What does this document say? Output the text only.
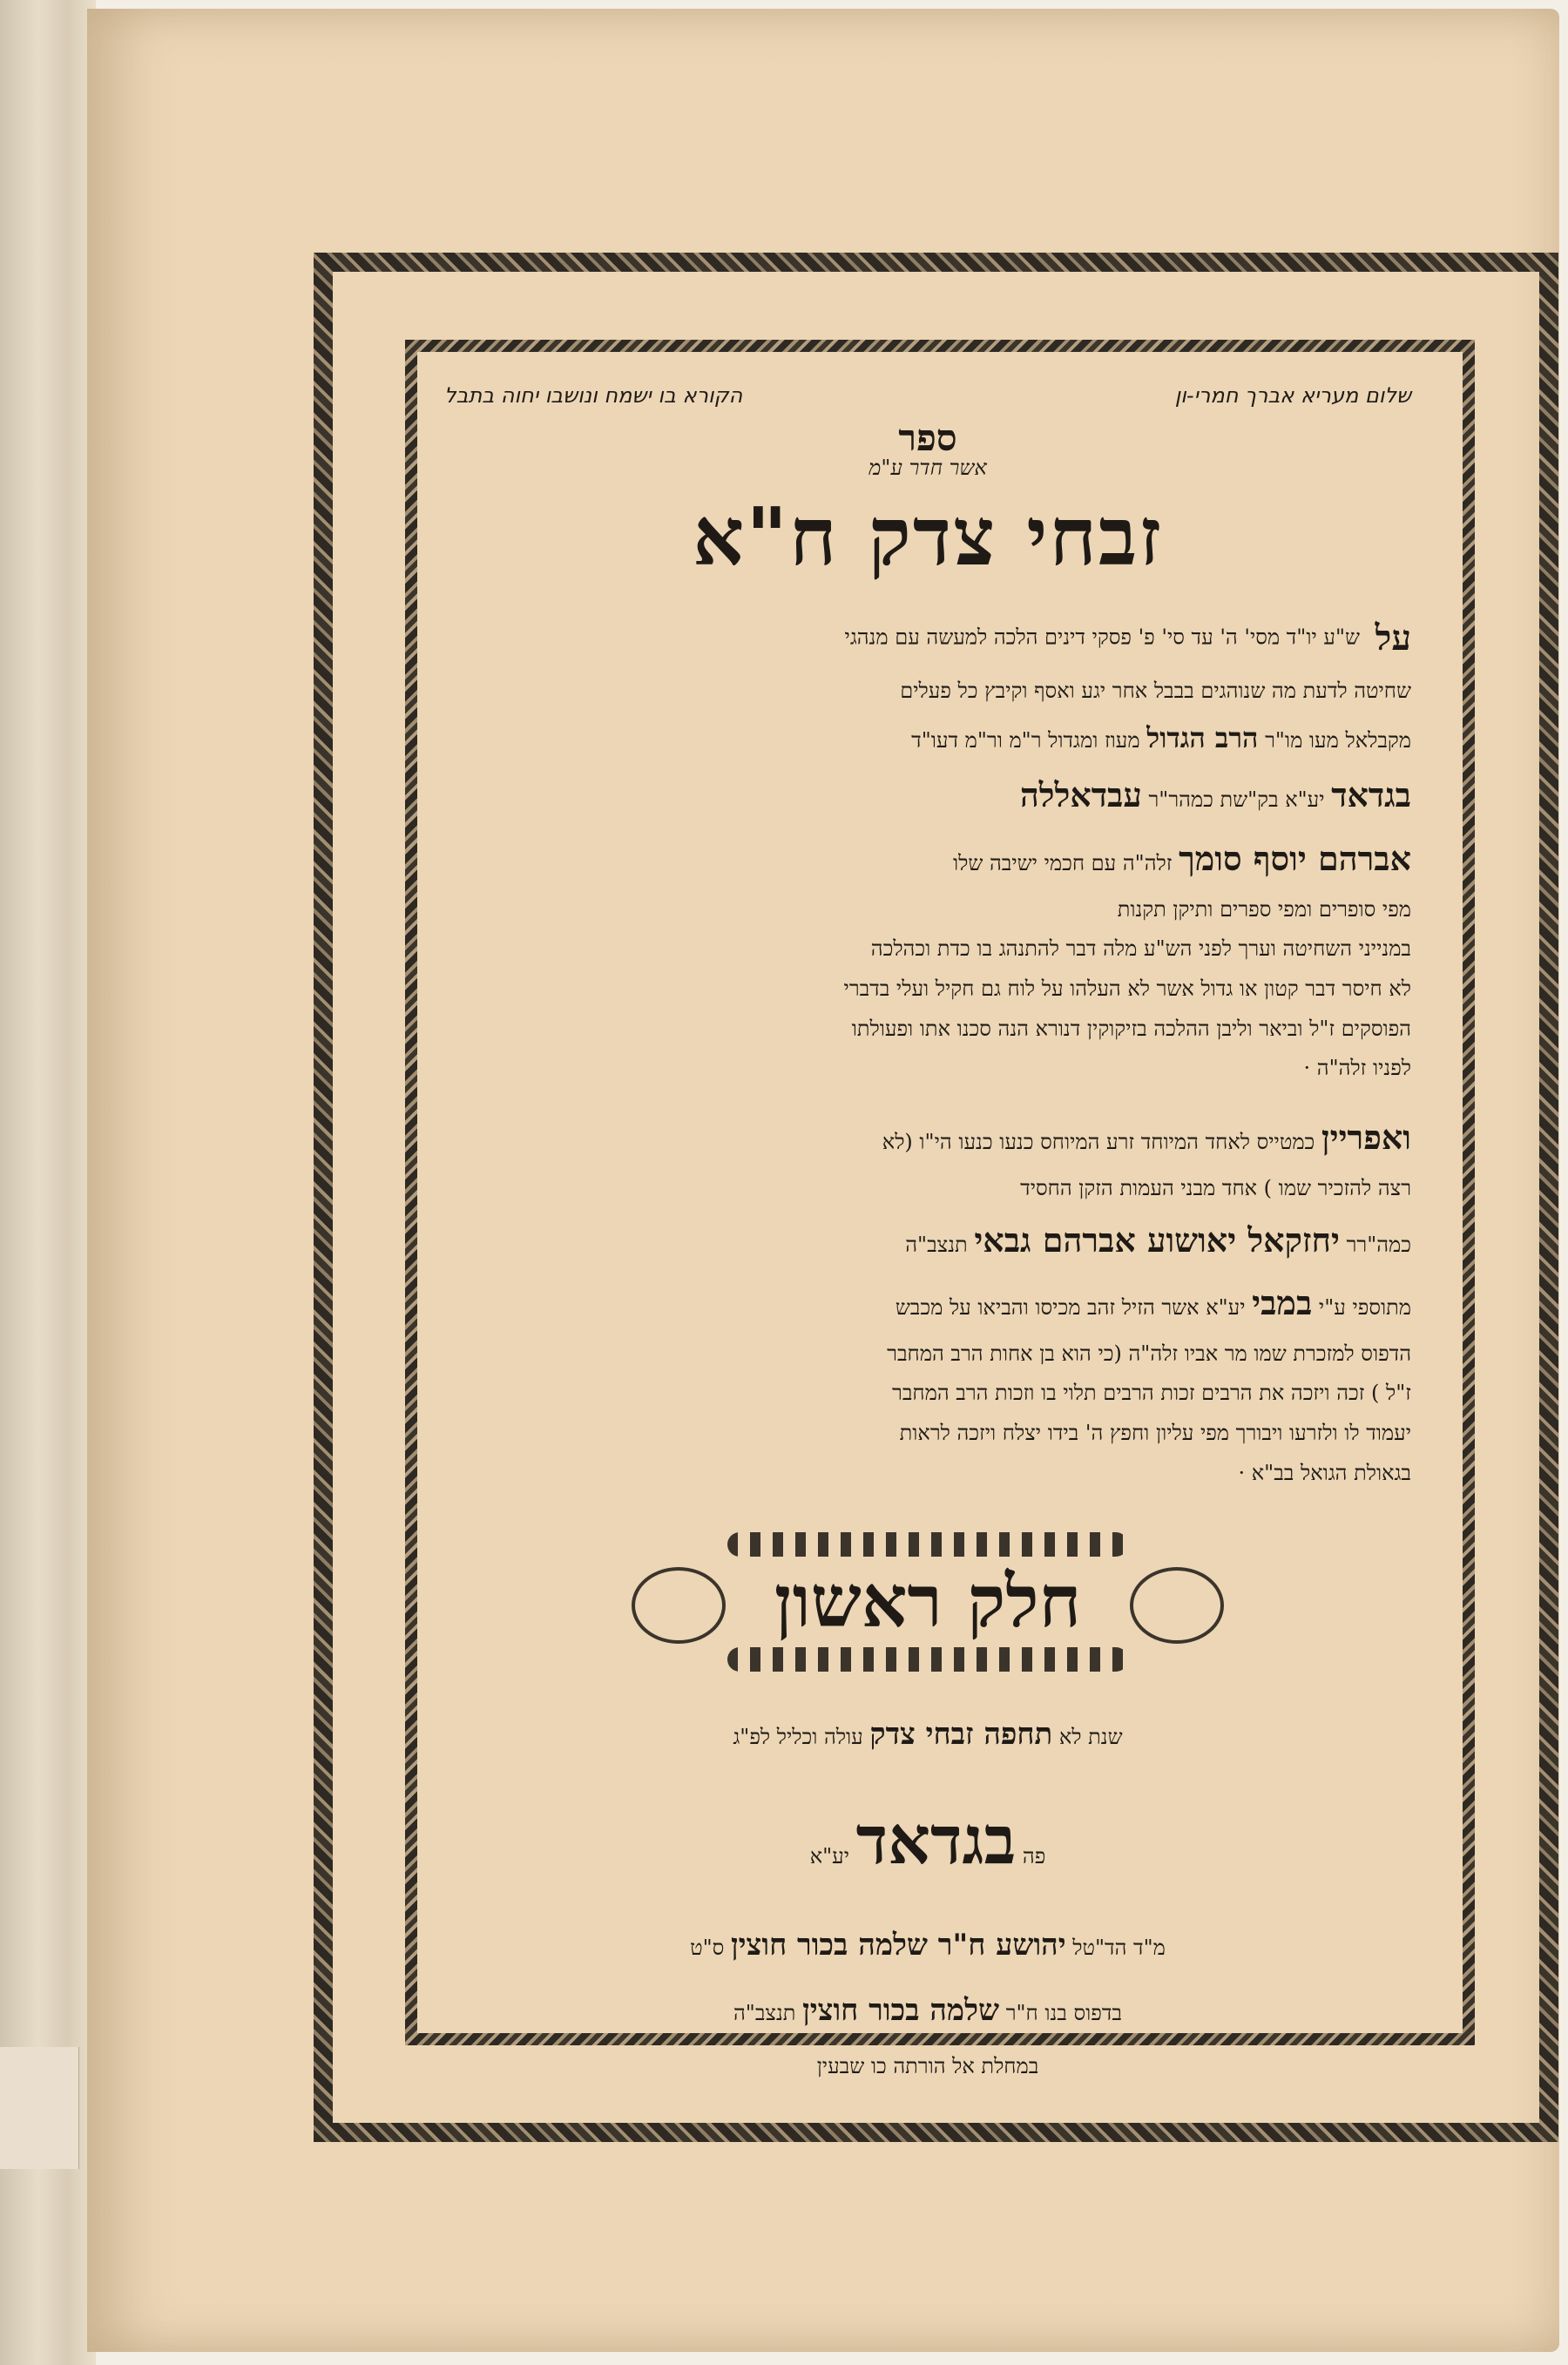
שלום מעריא אברך חמרי-ון
הקורא בו ישמח ונושבו יחוה בתבל
ספר
אשר חדר ע"מ
זבחי צדק ח"א
על ש"ע יו"ד מסי' ה' עד סי' פ' פסקי דינים הלכה למעשה עם מנהגי
שחיטה לדעת מה שנוהגים בבבל אחר יגע ואסף וקיבץ כל פעלים
מקבלאל מעו מו"ר הרב הגדול מעוז ומגדול ר"מ ור"מ דעו"ד
בגדאד יע"א בק"שת כמהר"ר עבדאללה
אברהם יוסף סומך זלה"ה עם חכמי ישיבה שלו
מפי סופרים ומפי ספרים ותיקן תקנות
במנייני השחיטה וערך לפני הש"ע מלה דבר להתנהג בו כדת וכהלכה
לא חיסר דבר קטון או גדול אשר לא העלהו על לוח גם חקיל ועלי בדברי
הפוסקים ז"ל וביאר וליבן ההלכה בזיקוקין דנורא הנה סכנו אתו ופעולתו
לפניו זלה"ה ·
ואפריין כמטייס לאחד המיוחד זרע המיוחס כנעו כנעו הי"ו (לא
רצה להזכיר שמו ) אחד מבני העמות הזקן החסיד
כמה"רר יחזקאל יאושוע אברהם גבאי תנצב"ה
מתוספי ע"י במבי יע"א אשר הזיל זהב מכיסו והביאו על מכבש
הדפוס למזכרת שמו מר אביו זלה"ה (כי הוא בן אחות הרב המחבר
ז"ל ) זכה ויזכה את הרבים זכות הרבים תלוי בו וזכות הרב המחבר
יעמוד לו ולזרעו ויבורך מפי עליון וחפץ ה' בידו יצלח ויזכה לראות
בגאולת הגואל בב"א ·
חלק ראשון
שנת לא תחפה זבחי צדק עולה וכליל לפ"ג
פה בגדאד יע"א
מ"ד הד"טל יהושע ח"ר שלמה בכור חוצין ס"ט
בדפוס בנו ח"ר שלמה בכור חוצין תנצב"ה
במחלת אל הורתה כו שבעין
